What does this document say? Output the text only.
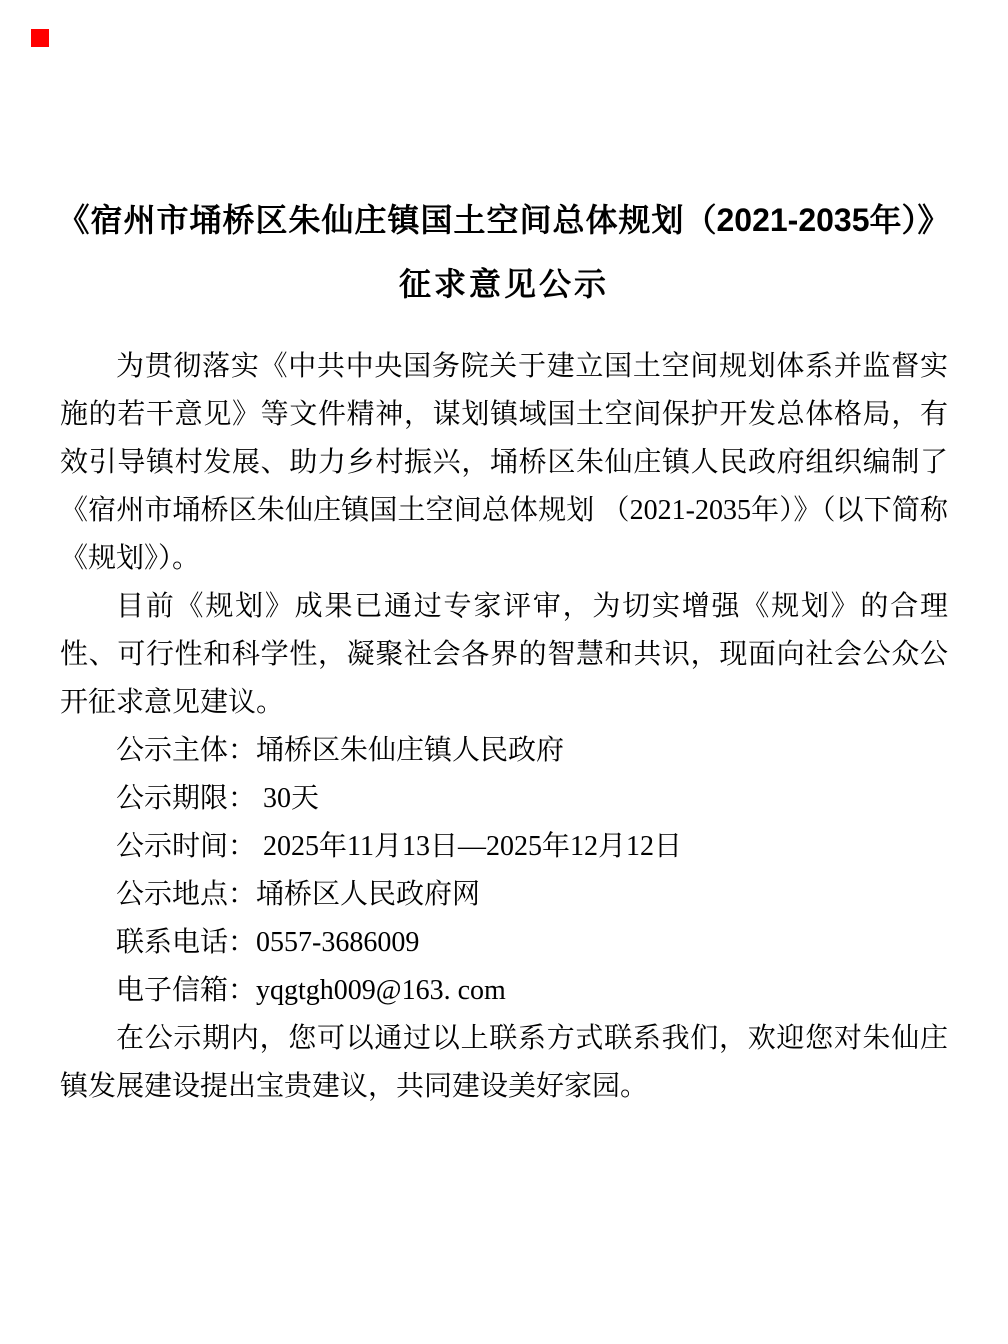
《宿州市埇桥区朱仙庄镇国土空间总体规划（2021-2035年）》
征求意见公示

为贯彻落实《中共中央国务院关于建立国土空间规划体系并监督实施的若干意见》等文件精神，谋划镇域国土空间保护开发总体格局，有效引导镇村发展、助力乡村振兴，埇桥区朱仙庄镇人民政府组织编制了《宿州市埇桥区朱仙庄镇国土空间总体规划 （2021-2035年）》（以下简称《规划》）。

目前《规划》成果已通过专家评审，为切实增强《规划》的合理性、可行性和科学性，凝聚社会各界的智慧和共识，现面向社会公众公开征求意见建议。

公示主体：埇桥区朱仙庄镇人民政府

公示期限： 30天

公示时间： 2025年11月13日—2025年12月12日

公示地点：埇桥区人民政府网

联系电话：0557-3686009

电子信箱：yqgtgh009@163. com

在公示期内，您可以通过以上联系方式联系我们，欢迎您对朱仙庄镇发展建设提出宝贵建议，共同建设美好家园。
